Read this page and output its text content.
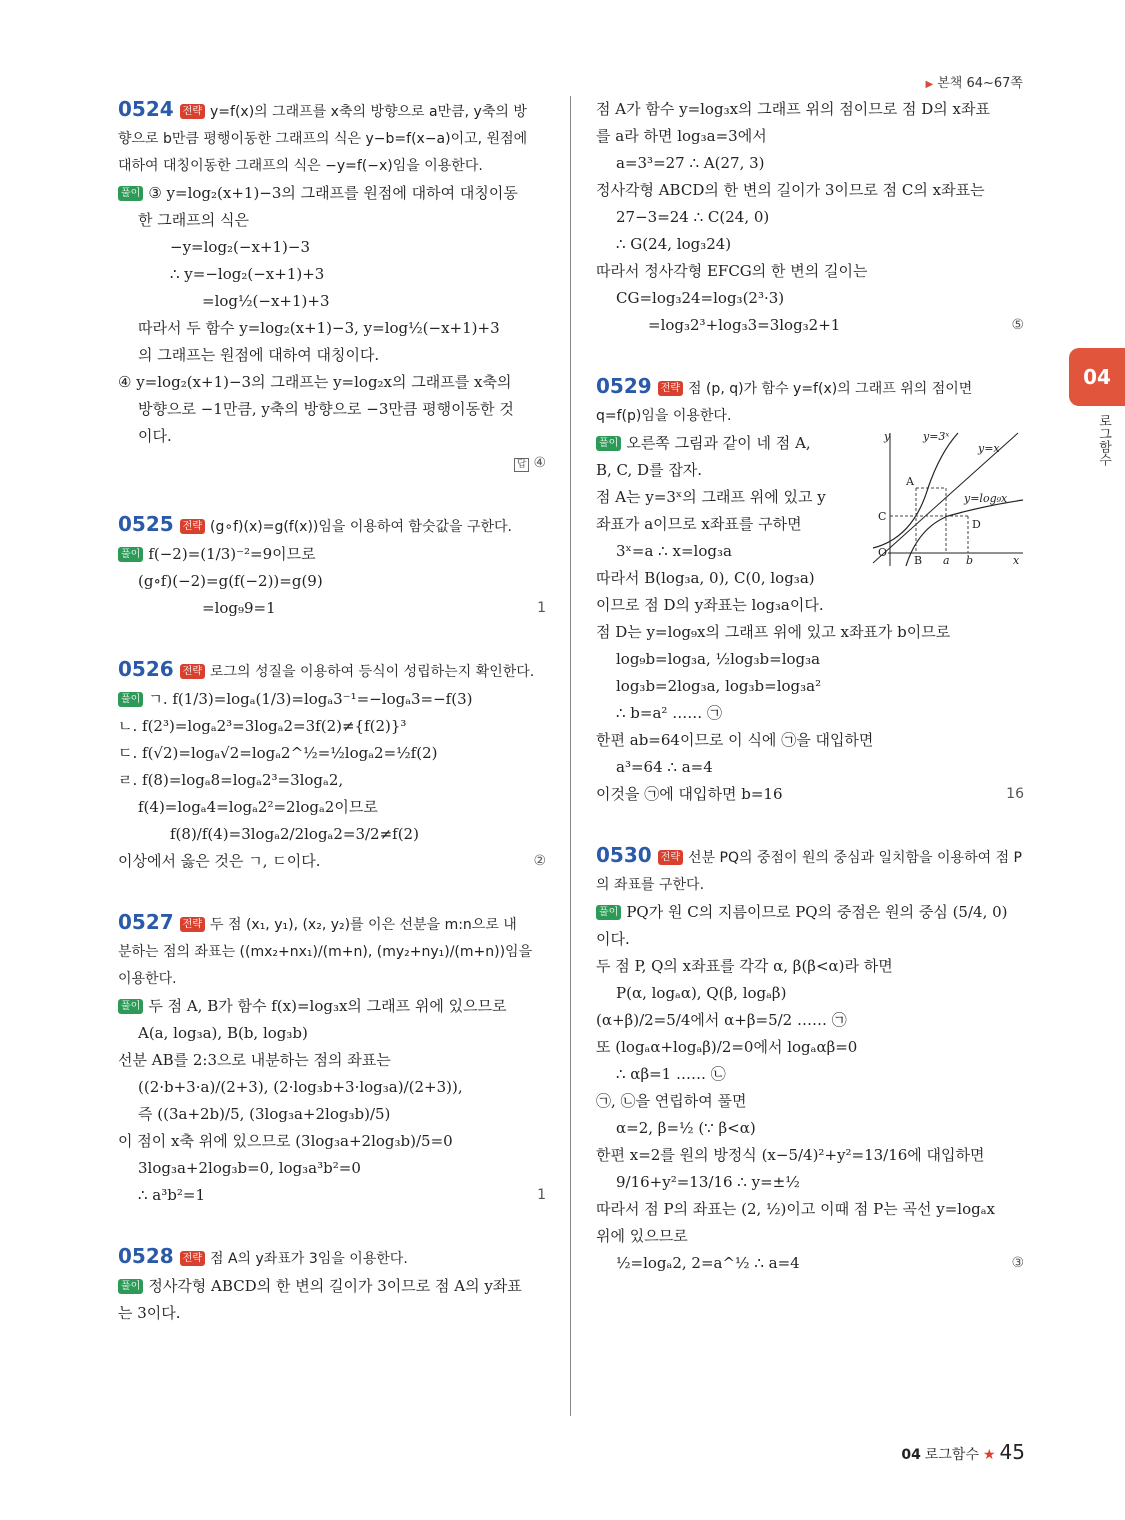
▶ 본책 64~67쪽
0524 전략 y=f(x)의 그래프를 x축의 방향으로 a만큼, y축의 방
향으로 b만큼 평행이동한 그래프의 식은 y−b=f(x−a)이고, 원점에
대하여 대칭이동한 그래프의 식은 −y=f(−x)임을 이용한다.
풀이 ③ y=log₂(x+1)−3의 그래프를 원점에 대하여 대칭이동
한 그래프의 식은
−y=log₂(−x+1)−3
∴ y=−log₂(−x+1)+3
=log½(−x+1)+3
따라서 두 함수 y=log₂(x+1)−3, y=log½(−x+1)+3
의 그래프는 원점에 대하여 대칭이다.
④ y=log₂(x+1)−3의 그래프는 y=log₂x의 그래프를 x축의
방향으로 −1만큼, y축의 방향으로 −3만큼 평행이동한 것
이다.
답 ④
0525 전략 (g∘f)(x)=g(f(x))임을 이용하여 함숫값을 구한다.
풀이 f(−2)=(1/3)⁻²=9이므로
(g∘f)(−2)=g(f(−2))=g(9)
=log₉9=1	1
0526 전략 로그의 성질을 이용하여 등식이 성립하는지 확인한다.
풀이 ㄱ. f(1/3)=logₐ(1/3)=logₐ3⁻¹=−logₐ3=−f(3)
ㄴ. f(2³)=logₐ2³=3logₐ2=3f(2)≠{f(2)}³
ㄷ. f(√2)=logₐ√2=logₐ2^½=½logₐ2=½f(2)
ㄹ. f(8)=logₐ8=logₐ2³=3logₐ2,
f(4)=logₐ4=logₐ2²=2logₐ2이므로
f(8)/f(4)=3logₐ2/2logₐ2=3/2≠f(2)
이상에서 옳은 것은 ㄱ, ㄷ이다.	②
0527 전략 두 점 (x₁, y₁), (x₂, y₂)를 이은 선분을 m:n으로 내
분하는 점의 좌표는 ((mx₂+nx₁)/(m+n), (my₂+ny₁)/(m+n))임을 이용한다.
풀이 두 점 A, B가 함수 f(x)=log₃x의 그래프 위에 있으므로
A(a, log₃a), B(b, log₃b)
선분 AB를 2:3으로 내분하는 점의 좌표는
((2·b+3·a)/(2+3), (2·log₃b+3·log₃a)/(2+3)),
즉 ((3a+2b)/5, (3log₃a+2log₃b)/5)
이 점이 x축 위에 있으므로 (3log₃a+2log₃b)/5=0
3log₃a+2log₃b=0, log₃a³b²=0
∴ a³b²=1	1
0528 전략 점 A의 y좌표가 3임을 이용한다.
풀이 정사각형 ABCD의 한 변의 길이가 3이므로 점 A의 y좌표
는 3이다.
점 A가 함수 y=log₃x의 그래프 위의 점이므로 점 D의 x좌표
를 a라 하면 log₃a=3에서
a=3³=27 ∴ A(27, 3)
정사각형 ABCD의 한 변의 길이가 3이므로 점 C의 x좌표는
27−3=24 ∴ C(24, 0)
∴ G(24, log₃24)
따라서 정사각형 EFCG의 한 변의 길이는
CG=log₃24=log₃(2³·3)
=log₃2³+log₃3=3log₃2+1	⑤
0529 전략 점 (p, q)가 함수 y=f(x)의 그래프 위의 점이면
q=f(p)임을 이용한다.
풀이 오른쪽 그림과 같이 네 점 A,
B, C, D를 잡자.
점 A는 y=3ˣ의 그래프 위에 있고 y
좌표가 a이므로 x좌표를 구하면
3ˣ=a ∴ x=log₃a
따라서 B(log₃a, 0), C(0, log₃a)
이므로 점 D의 y좌표는 log₃a이다.
점 D는 y=log₉x의 그래프 위에 있고 x좌표가 b이므로
log₉b=log₃a, ½log₃b=log₃a
log₃b=2log₃a, log₃b=log₃a²
∴ b=a² …… ㉠
한편 ab=64이므로 이 식에 ㉠을 대입하면
a³=64 ∴ a=4
이것을 ㉠에 대입하면 b=16	16
0530 전략 선분 PQ의 중점이 원의 중심과 일치함을 이용하여 점 P
의 좌표를 구한다.
풀이 PQ가 원 C의 지름이므로 PQ의 중점은 원의 중심 (5/4, 0)
이다.
두 점 P, Q의 x좌표를 각각 α, β(β<α)라 하면
P(α, logₐα), Q(β, logₐβ)
(α+β)/2=5/4에서 α+β=5/2 …… ㉠
또 (logₐα+logₐβ)/2=0에서 logₐαβ=0
∴ αβ=1 …… ㉡
㉠, ㉡을 연립하여 풀면
α=2, β=½ (∵ β<α)
한편 x=2를 원의 방정식 (x−5/4)²+y²=13/16에 대입하면
9/16+y²=13/16 ∴ y=±½
따라서 점 P의 좌표는 (2, ½)이고 이때 점 P는 곡선 y=logₐx
위에 있으므로
½=logₐ2, 2=a^½ ∴ a=4	③
y	y=3ˣ
y=x
A
y=log₉x
C
D
O
B a b	x
04
로그함수
04 로그함수 ★ 45
